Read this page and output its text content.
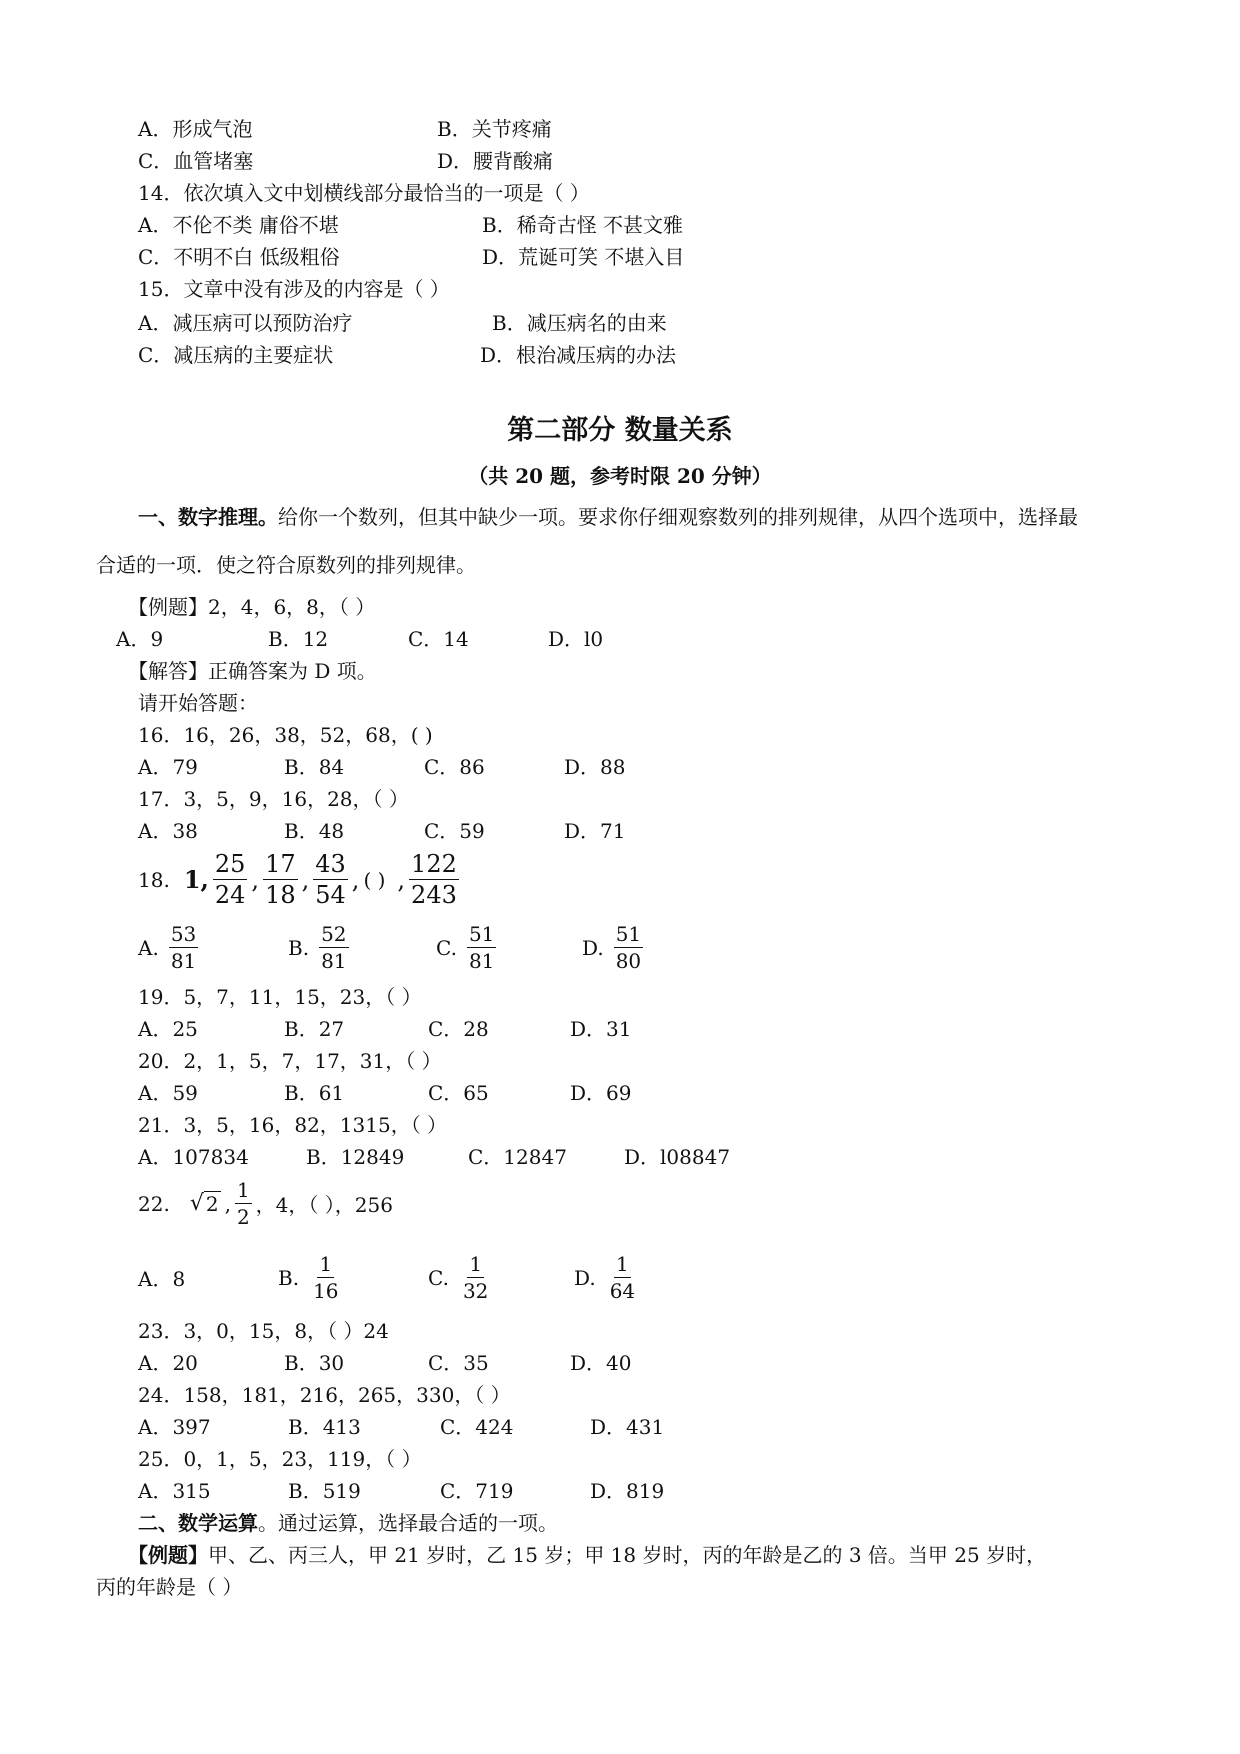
A．形成气泡	B．关节疼痛
C．血管堵塞	D．腰背酸痛
14．依次填入文中划横线部分最恰当的一项是（ ）
A．不伦不类 庸俗不堪	B．稀奇古怪 不甚文雅
C．不明不白 低级粗俗	D．荒诞可笑 不堪入目
15．文章中没有涉及的内容是（ ）
A．减压病可以预防治疗	B．减压病名的由来
C．减压病的主要症状	D．根治减压病的办法
第二部分 数量关系
（共 20 题，参考时限 20 分钟）
一、数字推理。给你一个数列，但其中缺少一项。要求你仔细观察数列的排列规律，从四个选项中，选择最
合适的一项．使之符合原数列的排列规律。
【例题】2，4，6，8，（ ）
A．9	B．12	C．14	D．l0
【解答】正确答案为 D 项。
请开始答题：
16．16，26，38，52，68，( )
A．79	B．84	C．86	D．88
17．3，5，9，16，28，（ ）
A．38	B．48	C．59	D．71
18. 1, $\frac{25}{24}$ , $\frac{17}{18}$ , $\frac{43}{54}$ , ( ) , $\frac{122}{243}$
A. $\frac{53}{81}$	B. $\frac{52}{81}$	C. $\frac{51}{81}$	D. $\frac{51}{80}$
19．5，7，11，15，23，（ ）
A．25	B．27	C．28	D．31
20．2，1，5，7，17，31，（ ）
A．59	B．61	C．65	D．69
21．3，5，16，82，1315，（ ）
A．107834	B．12849	C．12847	D．l08847
22. √ 2 , $\frac{1}{2}$ ，4，（ ），256
A．8	B. $\frac{1}{16}$	C. $\frac{1}{32}$	D. $\frac{1}{64}$
23．3，0，15，8，（ ）24
A．20	B．30	C．35	D．40
24．158，181，216，265，330，（ ）
A．397	B．413	C．424	D．431
25．0，1，5，23，119，（ ）
A．315	B．519	C．719	D．819
二、数学运算。通过运算，选择最合适的一项。
【例题】甲、乙、丙三人，甲 21 岁时，乙 15 岁；甲 18 岁时，丙的年龄是乙的 3 倍。当甲 25 岁时，
丙的年龄是（ ）
